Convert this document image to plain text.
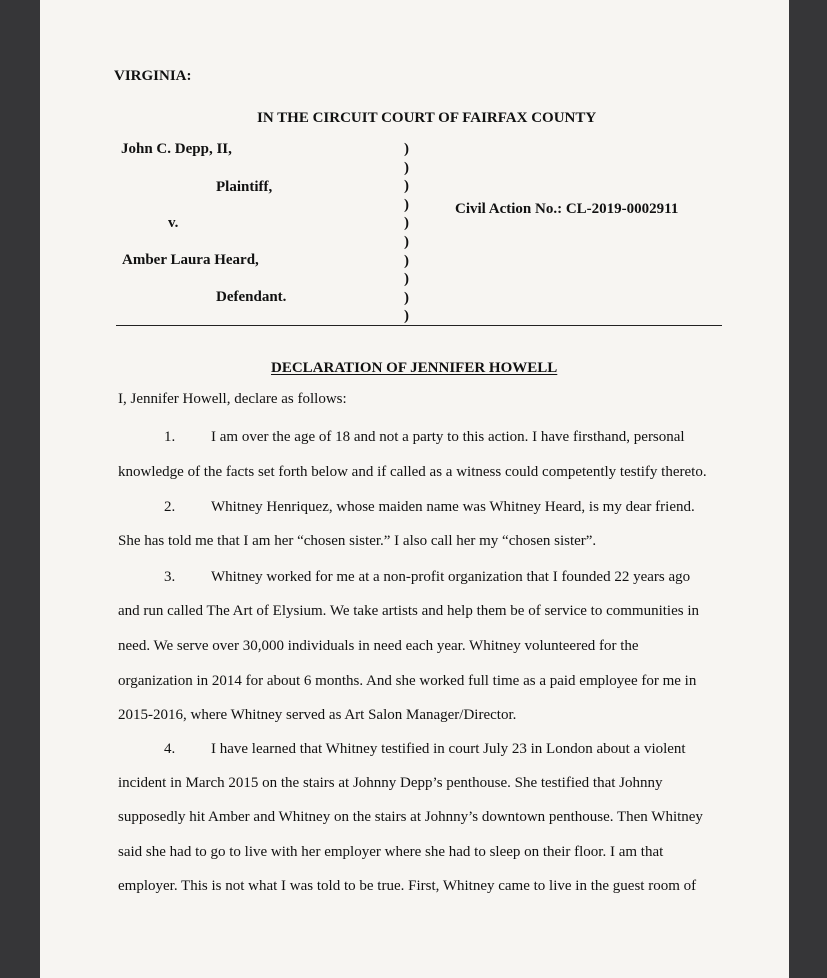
VIRGINIA:

IN THE CIRCUIT COURT OF FAIRFAX COUNTY

John C. Depp, II,

Plaintiff,

v.

Amber Laura Heard,

Defendant.

)
)
)
)
)
)
)
)
)
)

Civil Action No.: CL-2019-0002911

DECLARATION OF JENNIFER HOWELL

I, Jennifer Howell, declare as follows:

1. I am over the age of 18 and not a party to this action. I have firsthand, personal

knowledge of the facts set forth below and if called as a witness could competently testify thereto.

2. Whitney Henriquez, whose maiden name was Whitney Heard, is my dear friend.

She has told me that I am her “chosen sister.” I also call her my “chosen sister”.

3. Whitney worked for me at a non-profit organization that I founded 22 years ago

and run called The Art of Elysium. We take artists and help them be of service to communities in

need. We serve over 30,000 individuals in need each year. Whitney volunteered for the

organization in 2014 for about 6 months. And she worked full time as a paid employee for me in

2015-2016, where Whitney served as Art Salon Manager/Director.

4. I have learned that Whitney testified in court July 23 in London about a violent

incident in March 2015 on the stairs at Johnny Depp’s penthouse. She testified that Johnny

supposedly hit Amber and Whitney on the stairs at Johnny’s downtown penthouse. Then Whitney

said she had to go to live with her employer where she had to sleep on their floor. I am that

employer. This is not what I was told to be true. First, Whitney came to live in the guest room of
